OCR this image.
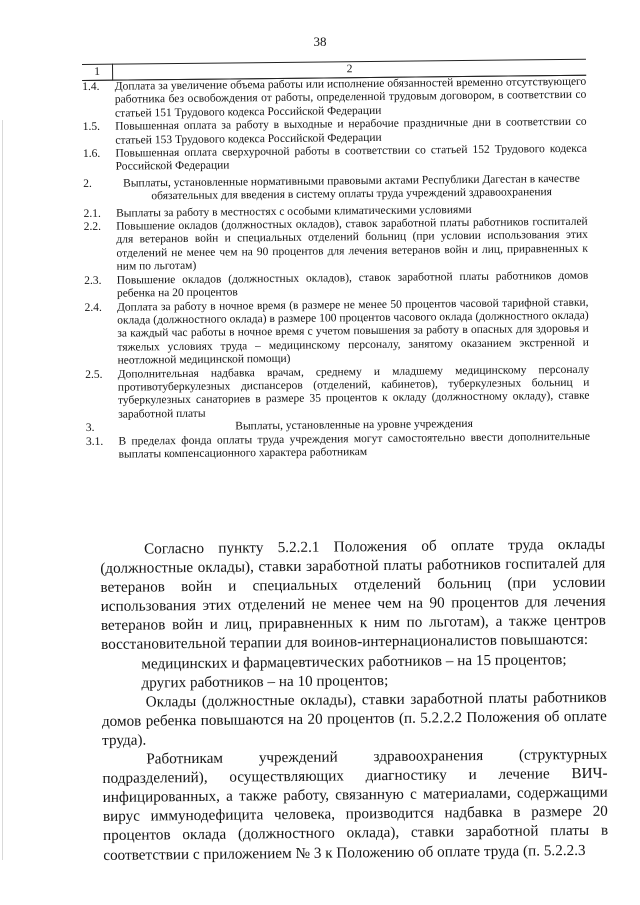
38
1	2
1.4.	Доплата за увеличение объема работы или исполнение обязанностей временно отсутствующего работника без освобождения от работы, определенной трудовым договором, в соответствии со статьей 151 Трудового кодекса Российской Федерации
1.5.	Повышенная оплата за работу в выходные и нерабочие праздничные дни в соответствии со статьей 153 Трудового кодекса Российской Федерации
1.6.	Повышенная оплата сверхурочной работы в соответствии со статьей 152 Трудового кодекса Российской Федерации
2.	Выплаты, установленные нормативными правовыми актами Республики Дагестан в качестве обязательных для введения в систему оплаты труда учреждений здравоохранения
2.1.	Выплаты за работу в местностях с особыми климатическими условиями
2.2.	Повышение окладов (должностных окладов), ставок заработной платы работников госпиталей для ветеранов войн и специальных отделений больниц (при условии использования этих отделений не менее чем на 90 процентов для лечения ветеранов войн и лиц, приравненных к ним по льготам)
2.3.	Повышение окладов (должностных окладов), ставок заработной платы работников домов ребенка на 20 процентов
2.4.	Доплата за работу в ночное время (в размере не менее 50 процентов часовой тарифной ставки, оклада (должностного оклада) в размере 100 процентов часового оклада (должностного оклада) за каждый час работы в ночное время с учетом повышения за работу в опасных для здоровья и тяжелых условиях труда – медицинскому персоналу, занятому оказанием экстренной и неотложной медицинской помощи)
2.5.	Дополнительная надбавка врачам, среднему и младшему медицинскому персоналу противотуберкулезных диспансеров (отделений, кабинетов), туберкулезных больниц и туберкулезных санаториев в размере 35 процентов к окладу (должностному окладу), ставке заработной платы
3.	Выплаты, установленные на уровне учреждения
3.1.	В пределах фонда оплаты труда учреждения могут самостоятельно ввести дополнительные выплаты компенсационного характера работникам

Согласно пункту 5.2.2.1 Положения об оплате труда оклады (должностные оклады), ставки заработной платы работников госпиталей для ветеранов войн и специальных отделений больниц (при условии использования этих отделений не менее чем на 90 процентов для лечения ветеранов войн и лиц, приравненных к ним по льготам), а также центров восстановительной терапии для воинов-интернационалистов повышаются:

медицинских и фармацевтических работников – на 15 процентов;

других работников – на 10 процентов;

Оклады (должностные оклады), ставки заработной платы работников домов ребенка повышаются на 20 процентов (п. 5.2.2.2 Положения об оплате труда).

Работникам учреждений здравоохранения (структурных подразделений), осуществляющих диагностику и лечение ВИЧ-инфицированных, а также работу, связанную с материалами, содержащими вирус иммунодефицита человека, производится надбавка в размере 20 процентов оклада (должностного оклада), ставки заработной платы в соответствии с приложением № 3 к Положению об оплате труда (п. 5.2.2.3
